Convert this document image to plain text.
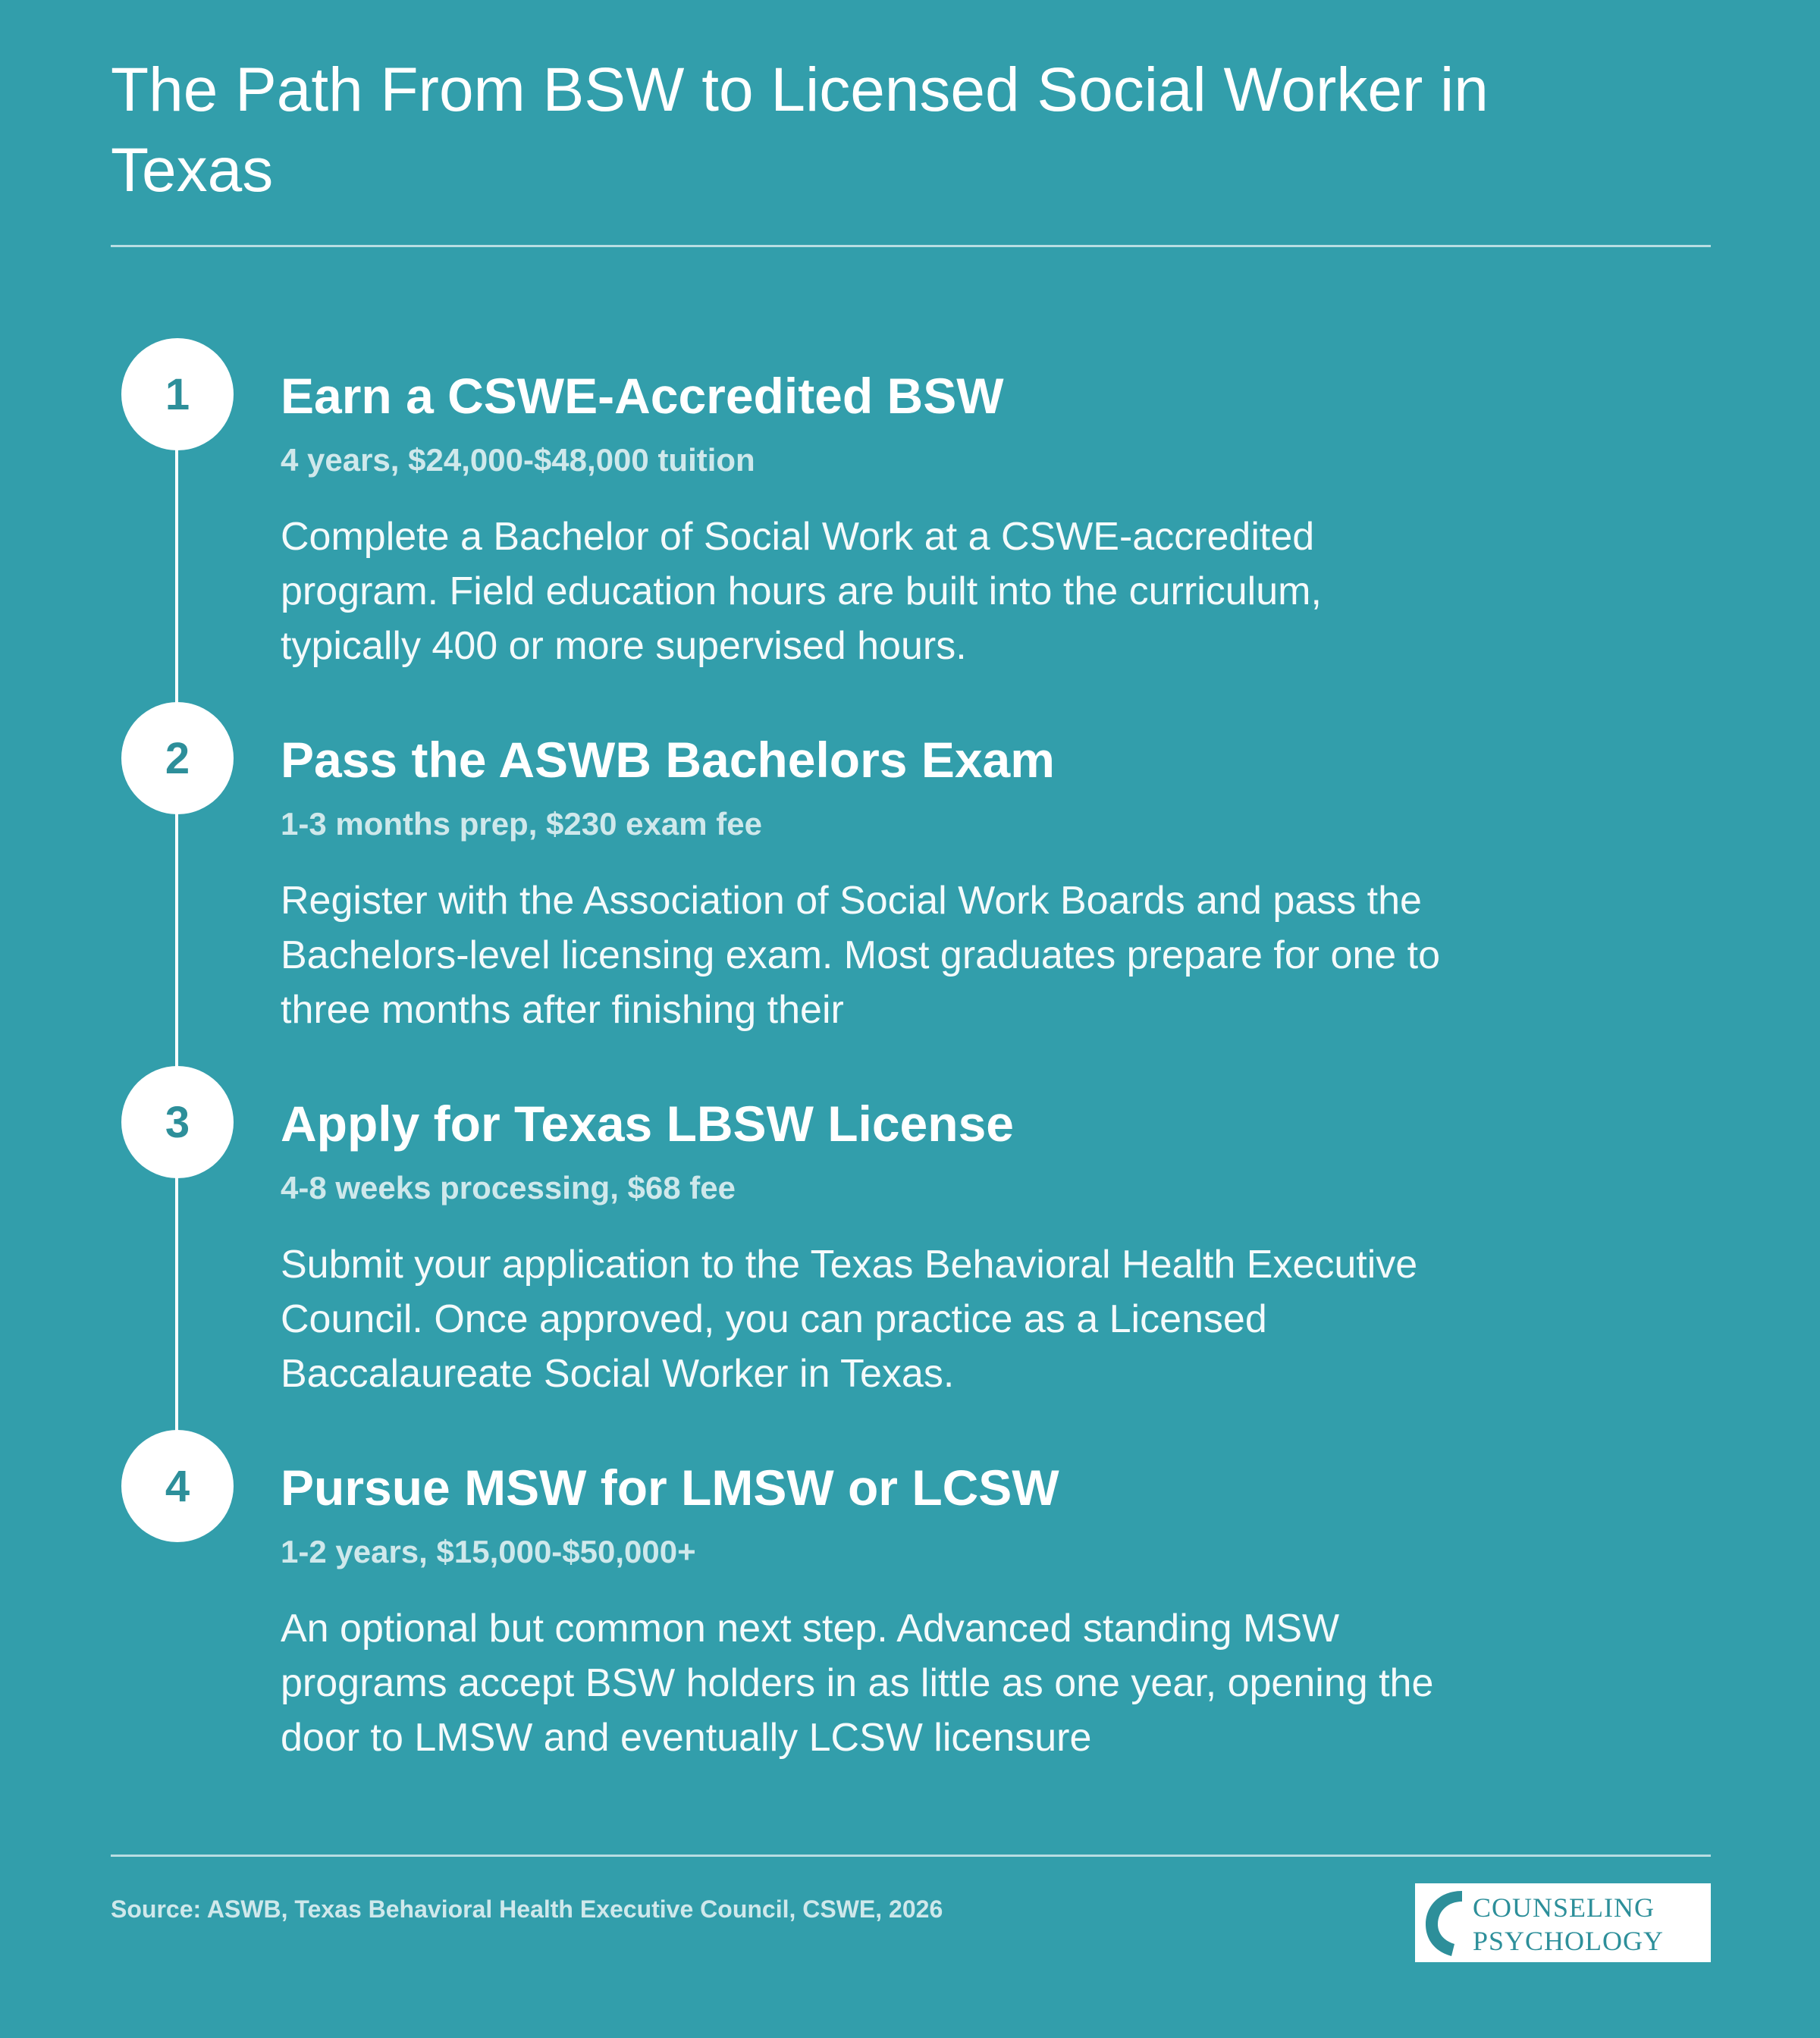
The Path From BSW to Licensed Social Worker in Texas
1	Earn a CSWE-Accredited BSW
4 years, $24,000-$48,000 tuition
Complete a Bachelor of Social Work at a CSWE-accredited program. Field education hours are built into the curriculum, typically 400 or more supervised hours.
2	Pass the ASWB Bachelors Exam
1-3 months prep, $230 exam fee
Register with the Association of Social Work Boards and pass the Bachelors-level licensing exam. Most graduates prepare for one to three months after finishing their
3	Apply for Texas LBSW License
4-8 weeks processing, $68 fee
Submit your application to the Texas Behavioral Health Executive Council. Once approved, you can practice as a Licensed Baccalaureate Social Worker in Texas.
4	Pursue MSW for LMSW or LCSW
1-2 years, $15,000-$50,000+
An optional but common next step. Advanced standing MSW programs accept BSW holders in as little as one year, opening the door to LMSW and eventually LCSW licensure
Source: ASWB, Texas Behavioral Health Executive Council, CSWE, 2026	COUNSELING
PSYCHOLOGY
